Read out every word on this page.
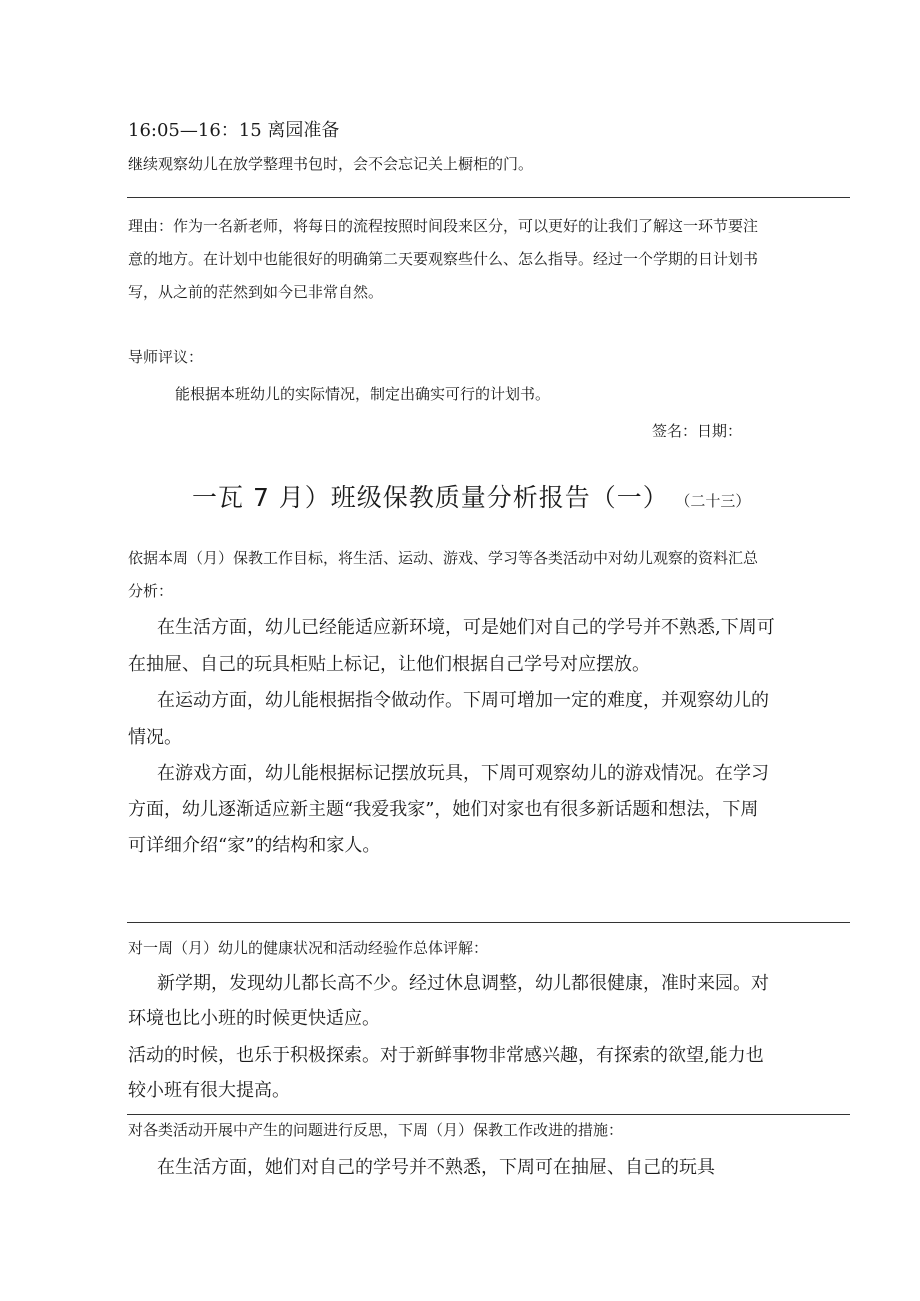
16:05—16：15 离园准备
继续观察幼儿在放学整理书包时，会不会忘记关上橱柜的门。
理由：作为一名新老师，将每日的流程按照时间段来区分，可以更好的让我们了解这一环节要注
意的地方。在计划中也能很好的明确第二天要观察些什么、怎么指导。经过一个学期的日计划书
写，从之前的茫然到如今已非常自然。
导师评议：
能根据本班幼儿的实际情况，制定出确实可行的计划书。
签名：日期：
一瓦 7 月）班级保教质量分析报告（一） （二十三）
依据本周（月）保教工作目标，将生活、运动、游戏、学习等各类活动中对幼儿观察的资料汇总
分析：
在生活方面，幼儿已经能适应新环境，可是她们对自己的学号并不熟悉,下周可
在抽屉、自己的玩具柜贴上标记，让他们根据自己学号对应摆放。
在运动方面，幼儿能根据指令做动作。下周可增加一定的难度，并观察幼儿的
情况。
在游戏方面，幼儿能根据标记摆放玩具，下周可观察幼儿的游戏情况。在学习
方面，幼儿逐渐适应新主题“我爱我家”，她们对家也有很多新话题和想法，下周
可详细介绍“家”的结构和家人。
对一周（月）幼儿的健康状况和活动经验作总体评解：
新学期，发现幼儿都长高不少。经过休息调整，幼儿都很健康，准时来园。对
环境也比小班的时候更快适应。
活动的时候，也乐于积极探索。对于新鲜事物非常感兴趣，有探索的欲望,能力也
较小班有很大提高。
对各类活动开展中产生的问题进行反思，下周（月）保教工作改进的措施：
在生活方面，她们对自己的学号并不熟悉，下周可在抽屉、自己的玩具
